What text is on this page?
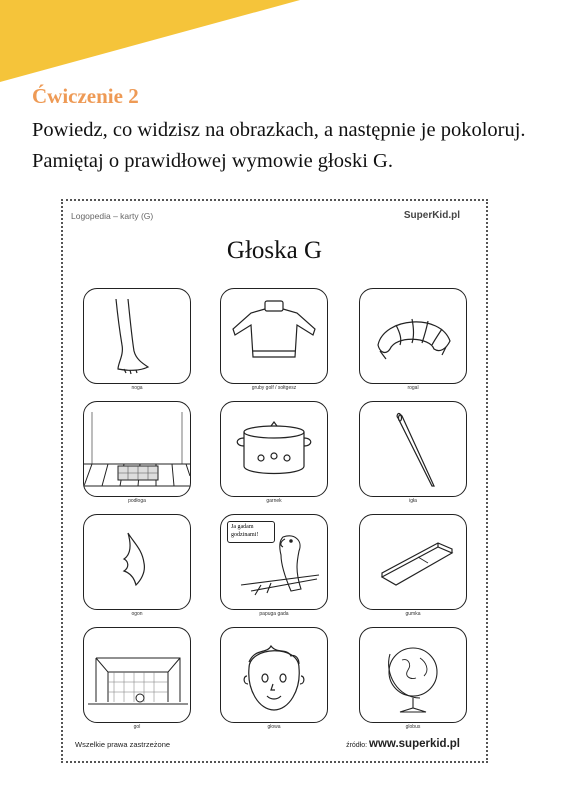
Ćwiczenie 2
Powiedz, co widzisz na obrazkach, a następnie je pokoloruj. Pamiętaj o prawidłowej wymowie głoski G.
Logopedia – karty (G)	SuperKid.pl
Głoska G
noga	gruby golf / sołtgesz	rogal
podłoga	garnek	igła
ogon
Ja gadam
godzinami!
papuga gada	gumka
gol	głowa	globus
Wszelkie prawa zastrzeżone	źródło: www.superkid.pl
